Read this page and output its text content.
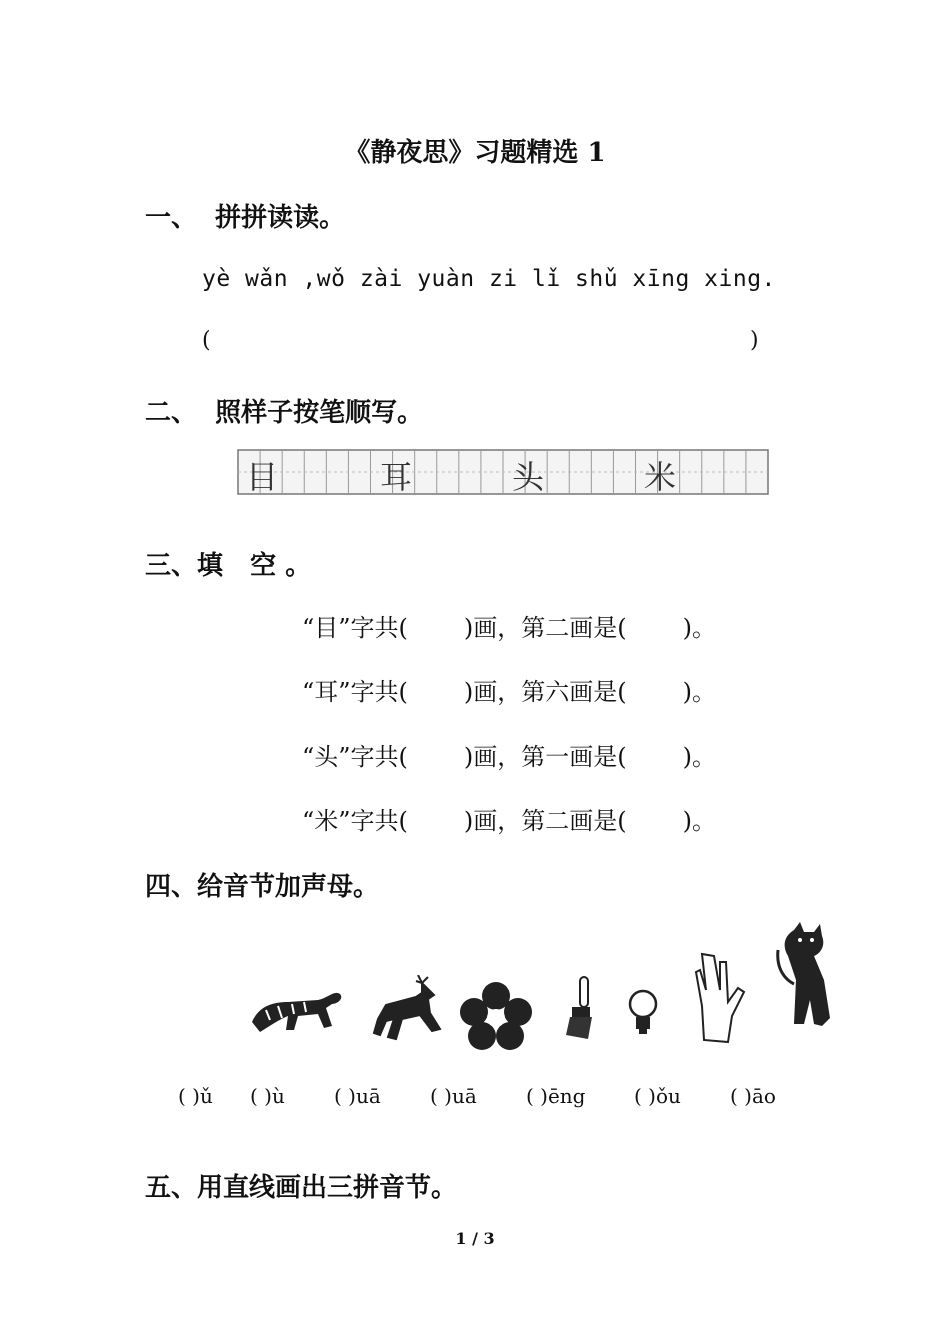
《静夜思》习题精选 1
一、  拼拼读读。
yè wǎn ,wǒ zài yuàn zi lǐ shǔ xīng xing.
(	)
二、  照样子按笔顺写。
目	耳	头	米
三、填   空 。
“目”字共( )画，第二画是( )。
“耳”字共( )画，第六画是( )。
“头”字共( )画，第一画是( )。
“米”字共( )画，第二画是( )。
四、给音节加声母。
( )ǔ ( )ù ( )uā ( )uā ( )ēng ( )ǒu ( )āo
五、用直线画出三拼音节。
1 / 3
